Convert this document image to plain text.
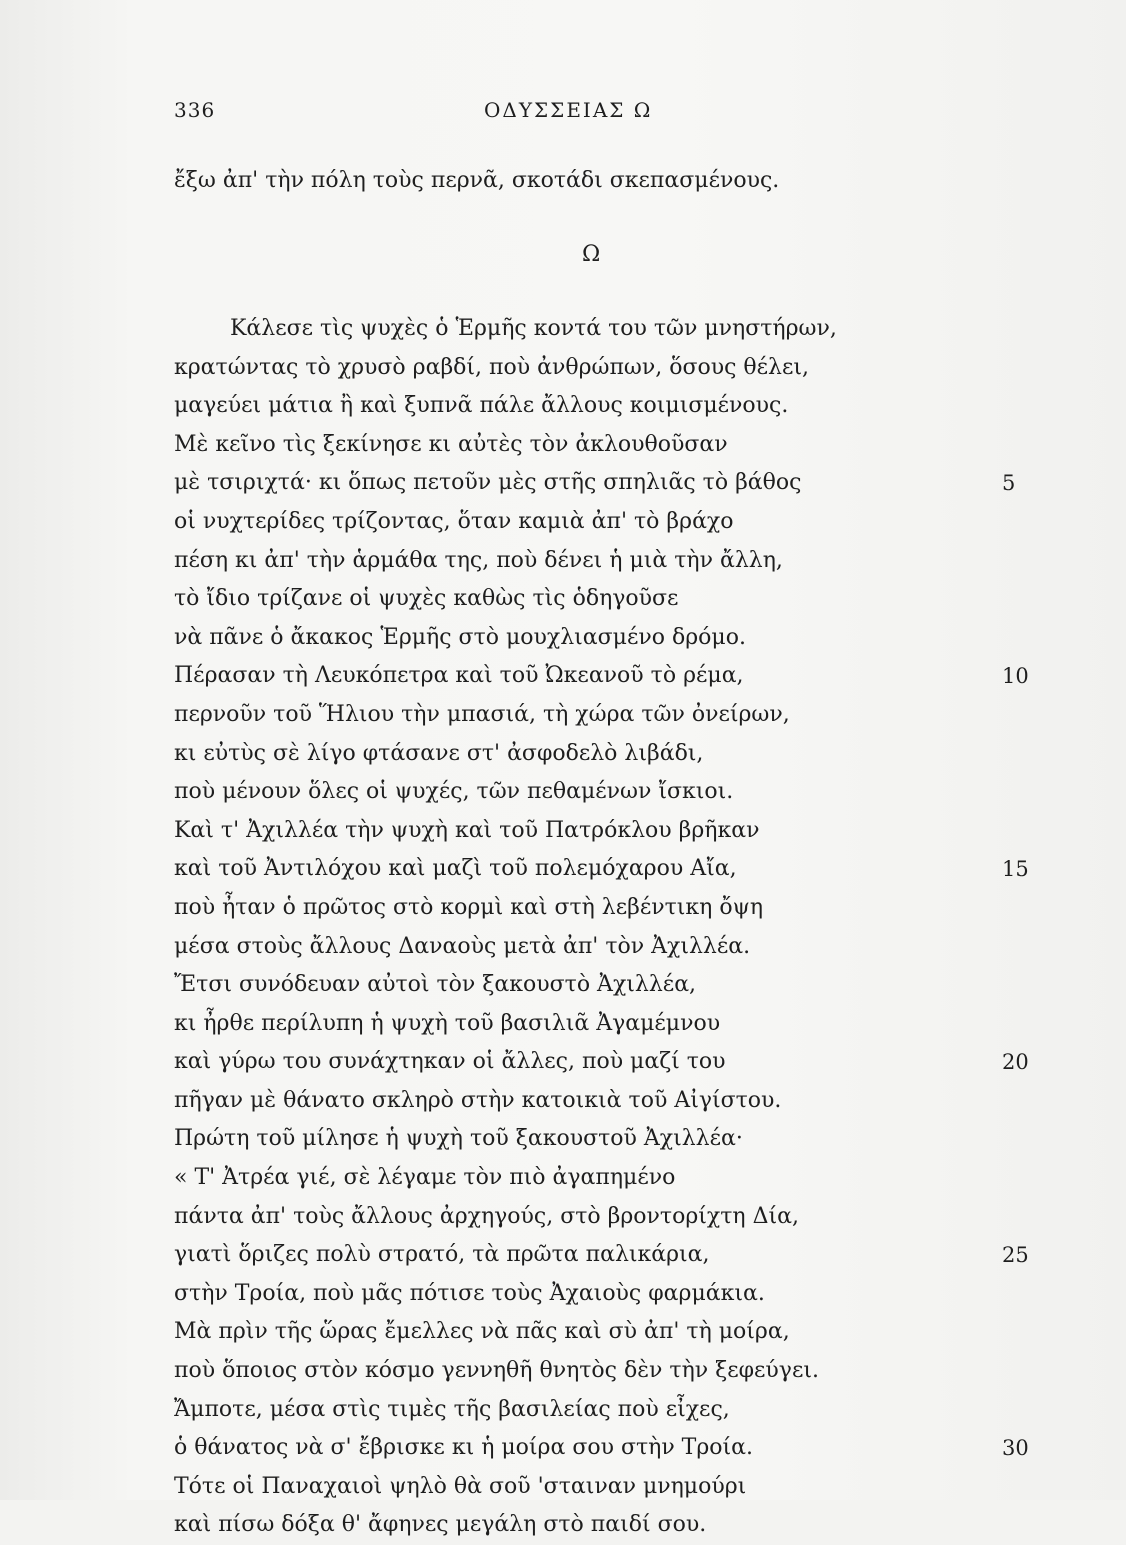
336	ΟΔΥΣΣΕΙΑΣ Ω
ἔξω ἀπ' τὴν πόλη τοὺς περνᾶ, σκοτάδι σκεπασμένους.
Ω
Κάλεσε τὶς ψυχὲς ὁ Ἑρμῆς κοντά του τῶν μνηστήρων,
κρατώντας τὸ χρυσὸ ραβδί, ποὺ ἀνθρώπων, ὅσους θέλει,
μαγεύει μάτια ἢ καὶ ξυπνᾶ πάλε ἄλλους κοιμισμένους.
Μὲ κεῖνο τὶς ξεκίνησε κι αὐτὲς τὸν ἀκλουθοῦσαν
μὲ τσιριχτά· κι ὅπως πετοῦν μὲς στῆς σπηλιᾶς τὸ βάθος	5
οἱ νυχτερίδες τρίζοντας, ὅταν καμιὰ ἀπ' τὸ βράχο
πέση κι ἀπ' τὴν ἁρμάθα της, ποὺ δένει ἡ μιὰ τὴν ἄλλη,
τὸ ἴδιο τρίζανε οἱ ψυχὲς καθὼς τὶς ὁδηγοῦσε
νὰ πᾶνε ὁ ἄκακος Ἑρμῆς στὸ μουχλιασμένο δρόμο.
Πέρασαν τὴ Λευκόπετρα καὶ τοῦ Ὠκεανοῦ τὸ ρέμα,	10
περνοῦν τοῦ Ἥλιου τὴν μπασιά, τὴ χώρα τῶν ὀνείρων,
κι εὐτὺς σὲ λίγο φτάσανε στ' ἀσφοδελὸ λιβάδι,
ποὺ μένουν ὅλες οἱ ψυχές, τῶν πεθαμένων ἴσκιοι.
Καὶ τ' Ἀχιλλέα τὴν ψυχὴ καὶ τοῦ Πατρόκλου βρῆκαν
καὶ τοῦ Ἀντιλόχου καὶ μαζὶ τοῦ πολεμόχαρου Αἴα,	15
ποὺ ἦταν ὁ πρῶτος στὸ κορμὶ καὶ στὴ λεβέντικη ὄψη
μέσα στοὺς ἄλλους Δαναοὺς μετὰ ἀπ' τὸν Ἀχιλλέα.
Ἔτσι συνόδευαν αὐτοὶ τὸν ξακουστὸ Ἀχιλλέα,
κι ἦρθε περίλυπη ἡ ψυχὴ τοῦ βασιλιᾶ Ἀγαμέμνου
καὶ γύρω του συνάχτηκαν οἱ ἄλλες, ποὺ μαζί του	20
πῆγαν μὲ θάνατο σκληρὸ στὴν κατοικιὰ τοῦ Αἰγίστου.
Πρώτη τοῦ μίλησε ἡ ψυχὴ τοῦ ξακουστοῦ Ἀχιλλέα·
« Τ' Ἀτρέα γιέ, σὲ λέγαμε τὸν πιὸ ἀγαπημένο
πάντα ἀπ' τοὺς ἄλλους ἀρχηγούς, στὸ βροντορίχτη Δία,
γιατὶ ὅριζες πολὺ στρατό, τὰ πρῶτα παλικάρια,	25
στὴν Τροία, ποὺ μᾶς πότισε τοὺς Ἀχαιοὺς φαρμάκια.
Μὰ πρὶν τῆς ὥρας ἔμελλες νὰ πᾶς καὶ σὺ ἀπ' τὴ μοίρα,
ποὺ ὅποιος στὸν κόσμο γεννηθῆ θνητὸς δὲν τὴν ξεφεύγει.
Ἄμποτε, μέσα στὶς τιμὲς τῆς βασιλείας ποὺ εἶχες,
ὁ θάνατος νὰ σ' ἔβρισκε κι ἡ μοίρα σου στὴν Τροία.	30
Τότε οἱ Παναχαιοὶ ψηλὸ θὰ σοῦ 'σταιναν μνημούρι
καὶ πίσω δόξα θ' ἄφηνες μεγάλη στὸ παιδί σου.
